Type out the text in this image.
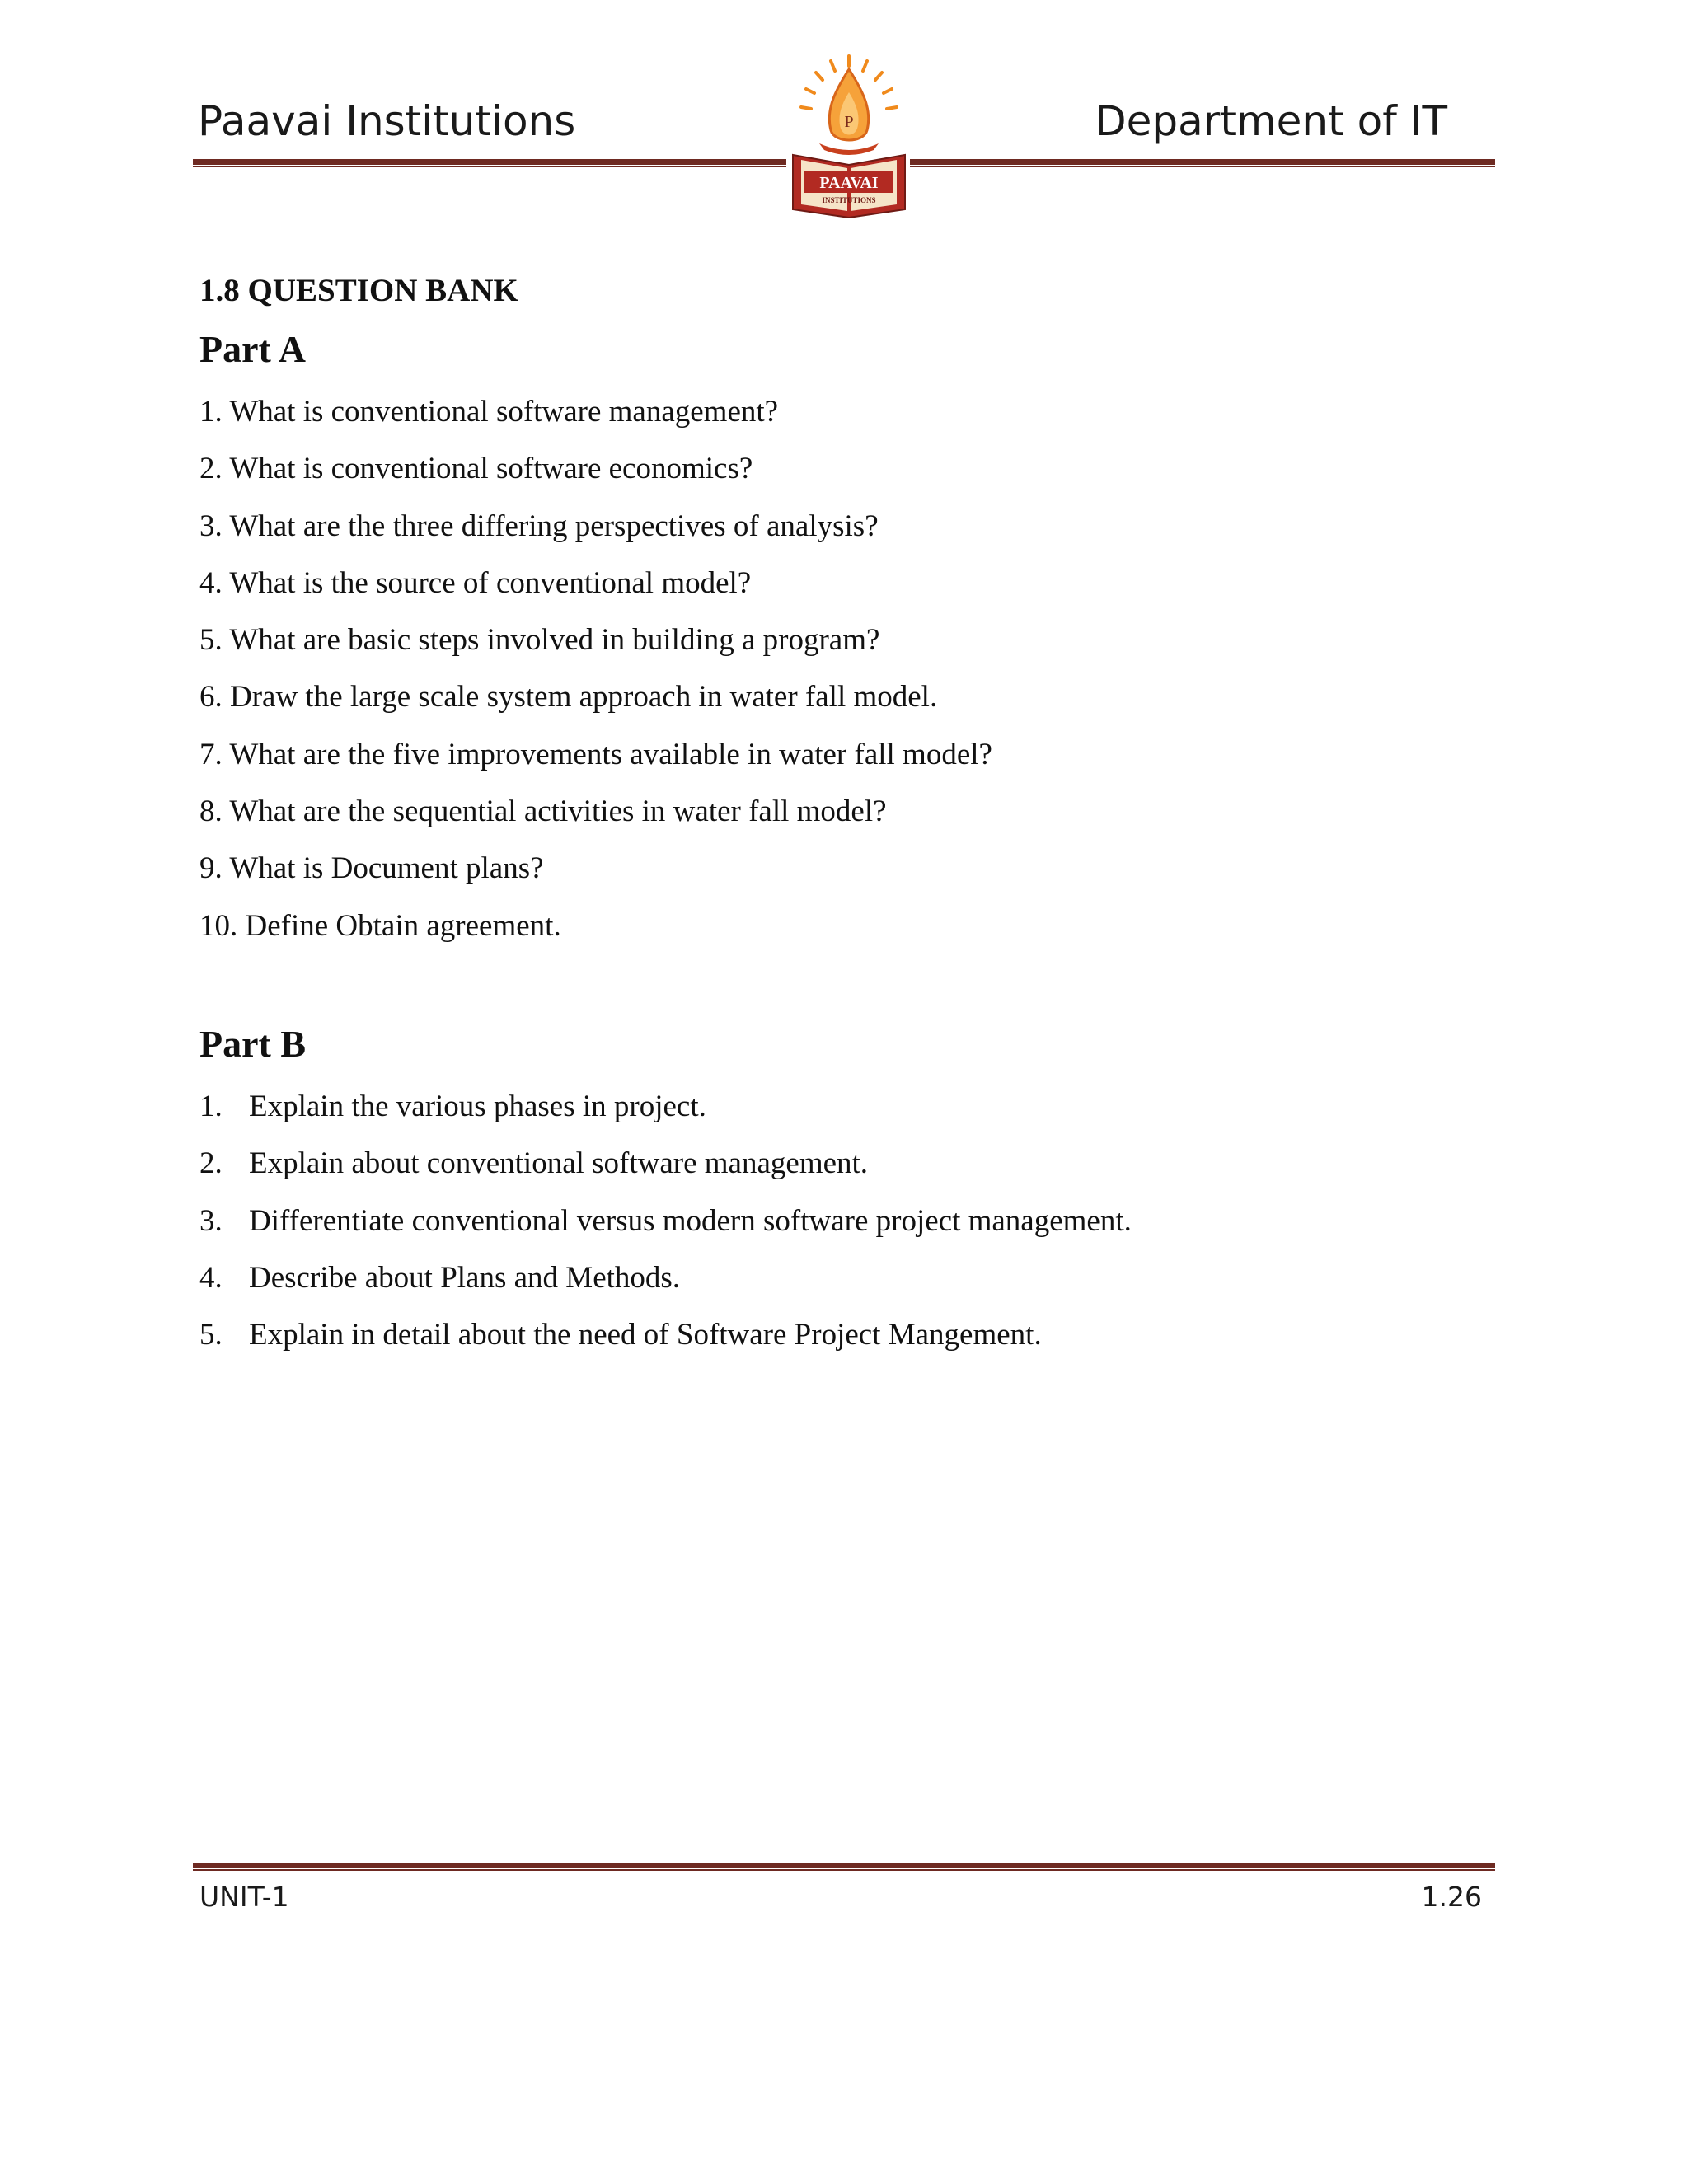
Paavai Institutions	Department of IT
P
PAAVAI
INSTITUTIONS
1.8 QUESTION BANK
Part A
1. What is conventional software management?
2. What is conventional software economics?
3. What are the three differing perspectives of analysis?
4. What is the source of conventional model?
5. What are basic steps involved in building a program?
6. Draw the large scale system approach in water fall model.
7. What are the five improvements available in water fall model?
8. What are the sequential activities in water fall model?
9. What is Document plans?
10. Define Obtain agreement.
Part B
1. Explain the various phases in project.
2. Explain about conventional software management.
3. Differentiate conventional versus modern software project management.
4. Describe about Plans and Methods.
5. Explain in detail about the need of Software Project Mangement.
UNIT-1	1.26
